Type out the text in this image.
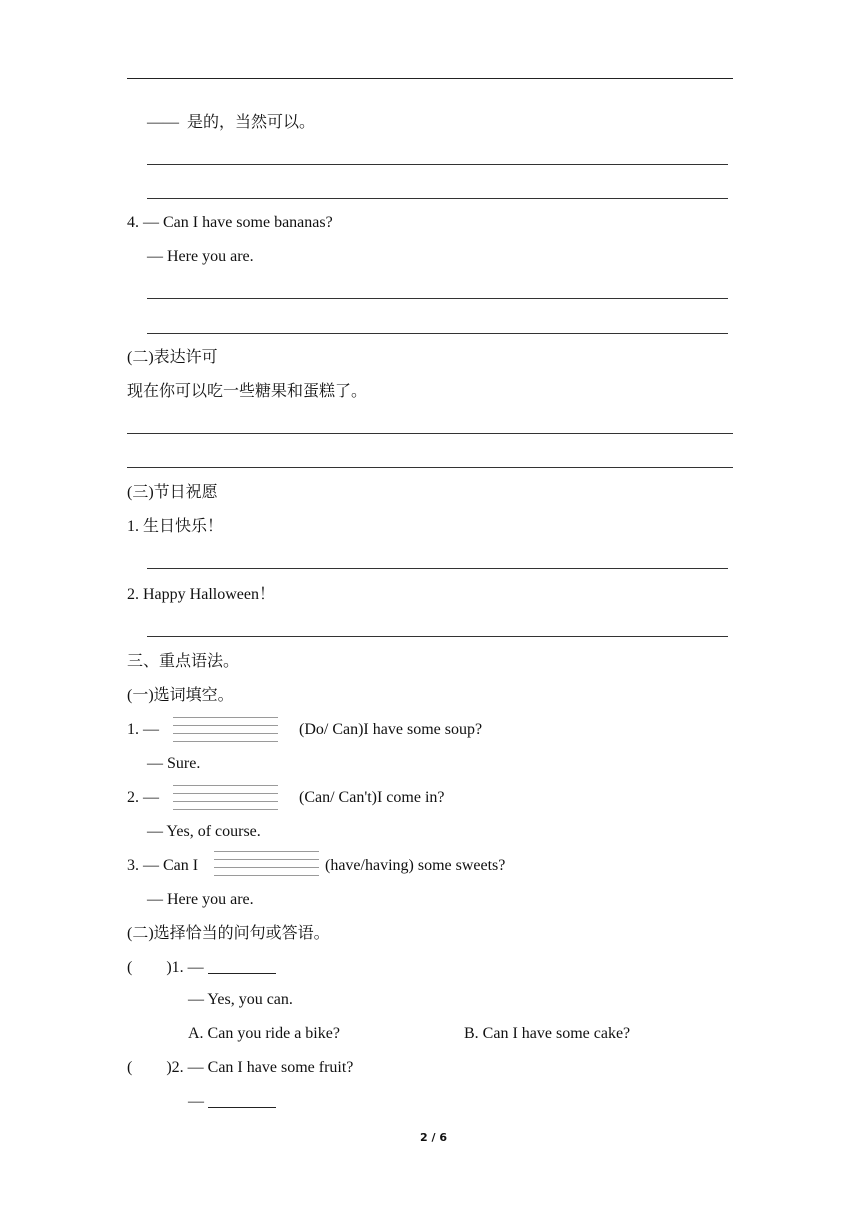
——  是的，当然可以。
4. — Can I have some bananas?
— Here you are.
(二)表达许可
现在你可以吃一些糖果和蛋糕了。
(三)节日祝愿
1. 生日快乐！
2. Happy Halloween！
三、重点语法。
(一)选词填空。
1. —	(Do/ Can)I have some soup?
— Sure.
2. —	(Can/ Can't)I come in?
— Yes, of course.
3. — Can I	(have/having) some sweets?
— Here you are.
(二)选择恰当的问句或答语。
( )1. —
— Yes, you can.
A. Can you ride a bike?	B. Can I have some cake?
( )2. — Can I have some fruit?
—
2 / 6
